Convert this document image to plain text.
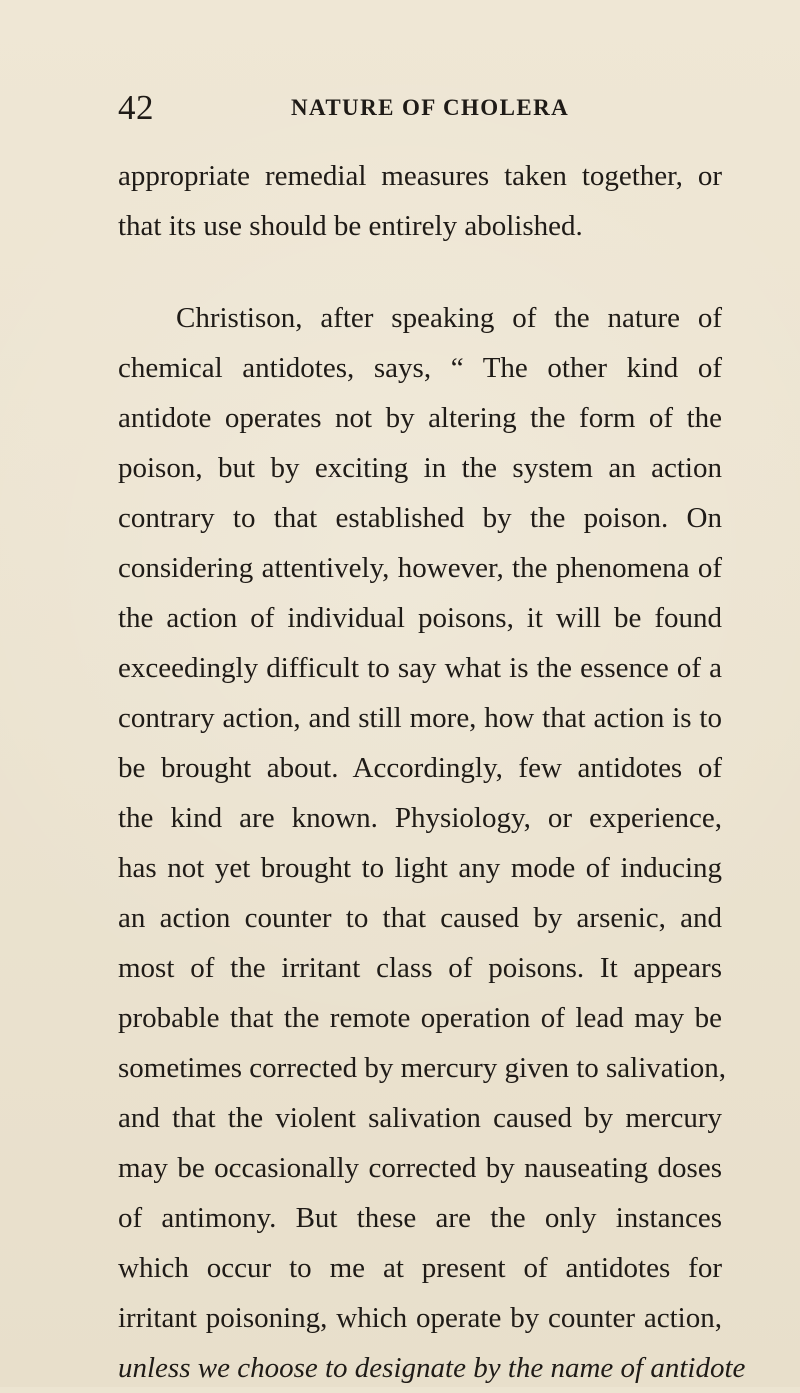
42	NATURE OF CHOLERA
appropriate remedial measures taken together, or
that its use should be entirely abolished.
Christison, after speaking of the nature of
chemical antidotes, says, “ The other kind of
antidote operates not by altering the form of the
poison, but by exciting in the system an action
contrary to that established by the poison. On
considering attentively, however, the phenomena of
the action of individual poisons, it will be found
exceedingly difficult to say what is the essence of a
contrary action, and still more, how that action is to
be brought about. Accordingly, few antidotes of
the kind are known. Physiology, or experience,
has not yet brought to light any mode of inducing
an action counter to that caused by arsenic, and
most of the irritant class of poisons. It appears
probable that the remote operation of lead may be
sometimes corrected by mercury given to salivation,
and that the violent salivation caused by mercury
may be occasionally corrected by nauseating doses
of antimony. But these are the only instances
which occur to me at present of antidotes for
irritant poisoning, which operate by counter action,
unless we choose to designate by the name of antidote
